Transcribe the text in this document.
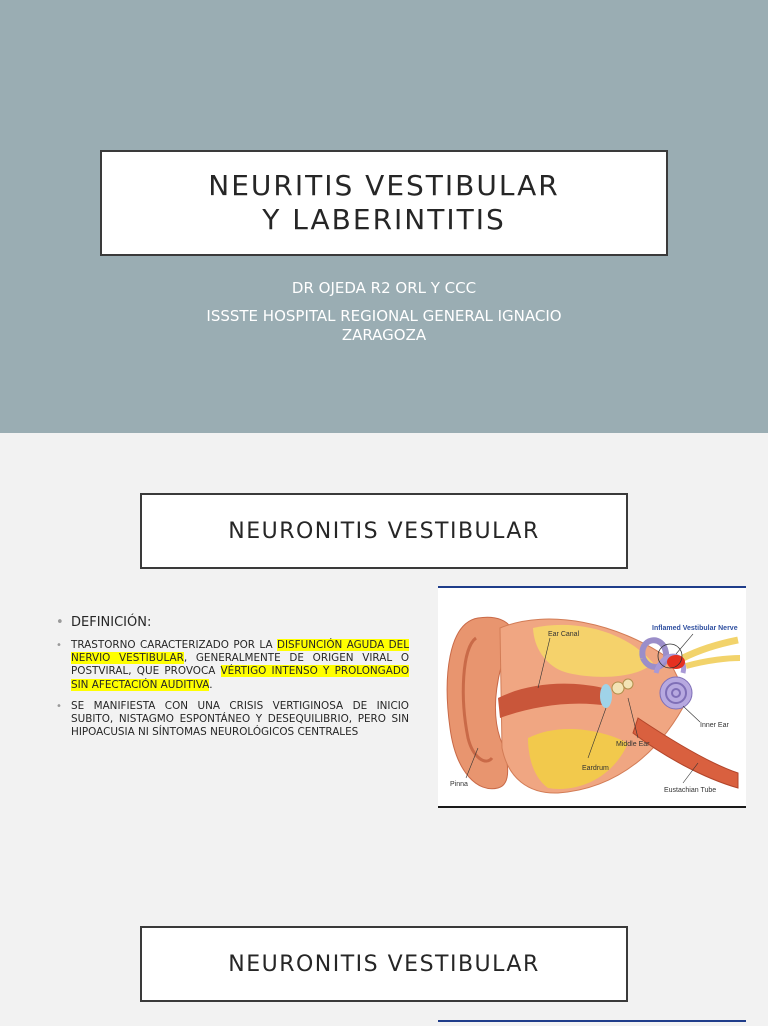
NEURITIS VESTIBULAR
Y LABERINTITIS
DR OJEDA R2 ORL Y CCC
ISSSTE HOSPITAL REGIONAL GENERAL IGNACIO ZARAGOZA
NEURONITIS VESTIBULAR
• DEFINICIÓN:
• TRASTORNO CARACTERIZADO POR LA DISFUNCIÓN AGUDA DEL NERVIO VESTIBULAR, GENERALMENTE DE ORIGEN VIRAL O POSTVIRAL, QUE PROVOCA VÉRTIGO INTENSO Y PROLONGADO SIN AFECTACIÓN AUDITIVA.
• SE MANIFIESTA CON UNA CRISIS VERTIGINOSA DE INICIO SUBITO, NISTAGMO ESPONTÁNEO Y DESEQUILIBRIO, PERO SIN HIPOACUSIA NI SÍNTOMAS NEUROLÓGICOS CENTRALES
Ear Canal
Inflamed Vestibular Nerve
Inner Ear
Middle Ear
Eardrum
Pinna
Eustachian Tube
NEURONITIS VESTIBULAR
